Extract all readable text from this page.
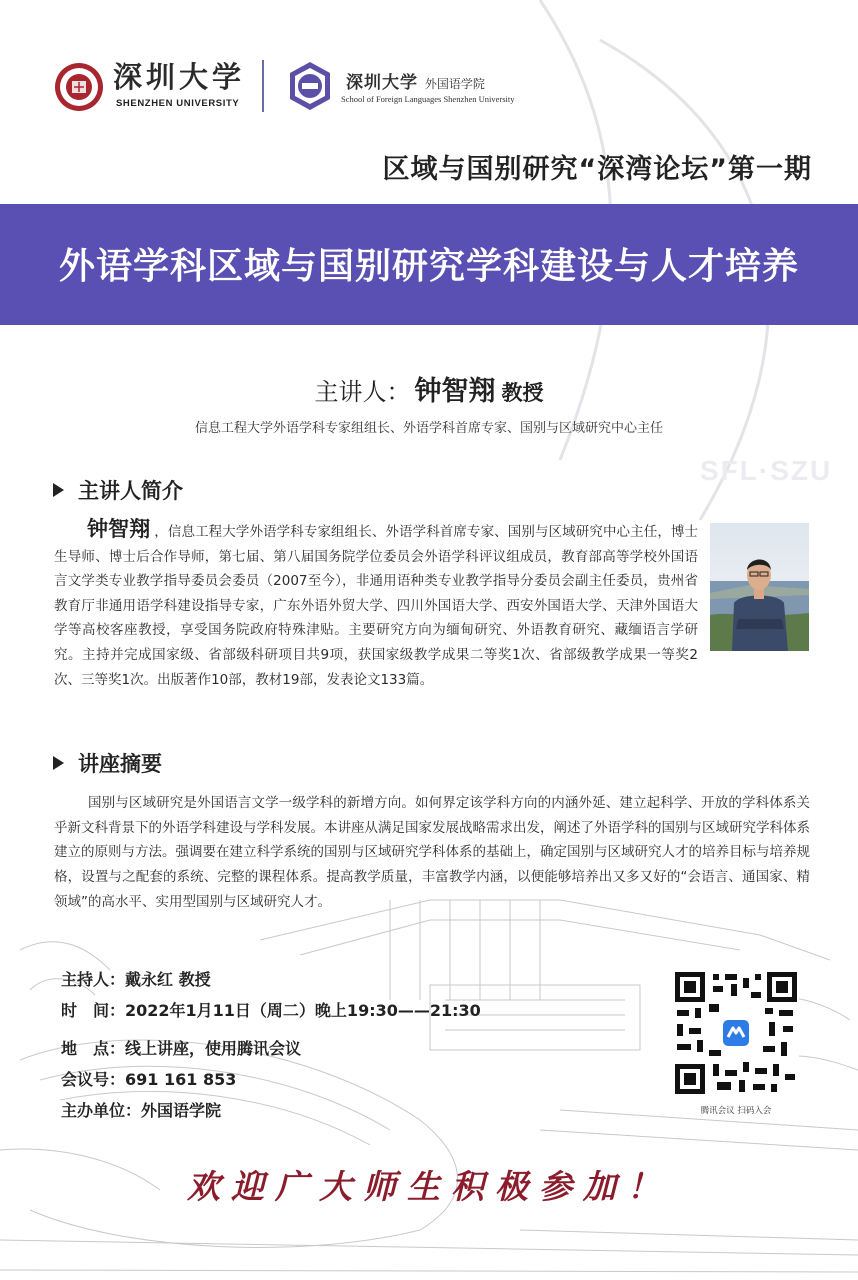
SFL·SZU
深圳大学
SHENZHEN UNIVERSITY
深圳大学 外国语学院
School of Foreign Languages Shenzhen University
区域与国别研究“深湾论坛”第一期
外语学科区域与国别研究学科建设与人才培养
主讲人： 钟智翔 教授
信息工程大学外语学科专家组组长、外语学科首席专家、国别与区域研究中心主任
主讲人简介
钟智翔 ，信息工程大学外语学科专家组组长、外语学科首席专家、国别与区域研究中心主任，博士生导师、博士后合作导师，第七届、第八届国务院学位委员会外语学科评议组成员，教育部高等学校外国语言文学类专业教学指导委员会委员（2007至今），非通用语种类专业教学指导分委员会副主任委员，贵州省教育厅非通用语学科建设指导专家，广东外语外贸大学、四川外国语大学、西安外国语大学、天津外国语大学等高校客座教授，享受国务院政府特殊津贴。主要研究方向为缅甸研究、外语教育研究、藏缅语言学研究。主持并完成国家级、省部级科研项目共9项，获国家级教学成果二等奖1次、省部级教学成果一等奖2次、三等奖1次。出版著作10部，教材19部，发表论文133篇。
讲座摘要
国别与区域研究是外国语言文学一级学科的新增方向。如何界定该学科方向的内涵外延、建立起科学、开放的学科体系关乎新文科背景下的外语学科建设与学科发展。本讲座从满足国家发展战略需求出发，阐述了外语学科的国别与区域研究学科体系建立的原则与方法。强调要在建立科学系统的国别与区域研究学科体系的基础上，确定国别与区域研究人才的培养目标与培养规格，设置与之配套的系统、完整的课程体系。提高教学质量，丰富教学内涵，以便能够培养出又多又好的“会语言、通国家、精领域”的高水平、实用型国别与区域研究人才。
主持人：戴永红 教授
时　间：2022年1月11日（周二）晚上19:30——21:30
地　点：线上讲座，使用腾讯会议
会议号：691 161 853
主办单位：外国语学院	腾讯会议 扫码入会
欢迎广大师生积极参加！
